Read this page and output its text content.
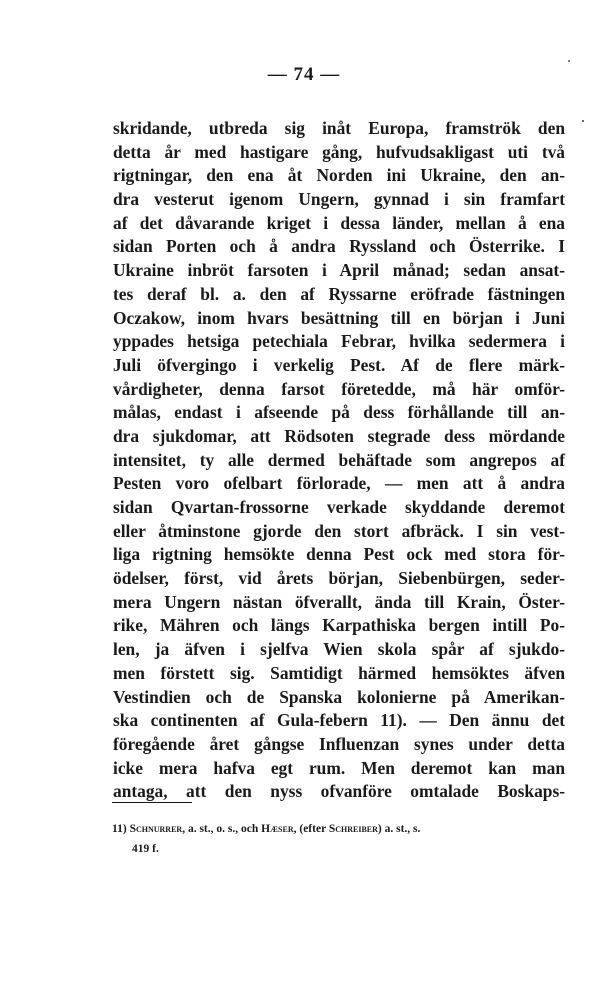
— 74 —
skridande, utbreda sig inåt Europa, framströk den
detta år med hastigare gång, hufvudsakligast uti två
rigtningar, den ena åt Norden ini Ukraine, den an-
dra vesterut igenom Ungern, gynnad i sin framfart
af det dåvarande kriget i dessa länder, mellan å ena
sidan Porten och å andra Ryssland och Österrike. I
Ukraine inbröt farsoten i April månad; sedan ansat-
tes deraf bl. a. den af Ryssarne eröfrade fästningen
Oczakow, inom hvars besättning till en början i Juni
yppades hetsiga petechiala Febrar, hvilka sedermera i
Juli öfvergingo i verkelig Pest. Af de flere märk-
vårdigheter, denna farsot företedde, må här omför-
målas, endast i afseende på dess förhållande till an-
dra sjukdomar, att Rödsoten stegrade dess mördande
intensitet, ty alle dermed behäftade som angrepos af
Pesten voro ofelbart förlorade, — men att å andra
sidan Qvartan-frossorne verkade skyddande deremot
eller åtminstone gjorde den stort afbräck. I sin vest-
liga rigtning hemsökte denna Pest ock med stora för-
ödelser, först, vid årets början, Siebenbürgen, seder-
mera Ungern nästan öfverallt, ända till Krain, Öster-
rike, Mähren och längs Karpathiska bergen intill Po-
len, ja äfven i sjelfva Wien skola spår af sjukdo-
men förstett sig. Samtidigt härmed hemsöktes äfven
Vestindien och de Spanska kolonierne på Amerikan-
ska continenten af Gula-febern 11). — Den ännu det
föregående året gångse Influenzan synes under detta
icke mera hafva egt rum. Men deremot kan man
antaga, att den nyss ofvanföre omtalade Boskaps-
11) Schnurrer, a. st., o. s., och Hæser, (efter Schreiber) a. st., s.
419 f.
